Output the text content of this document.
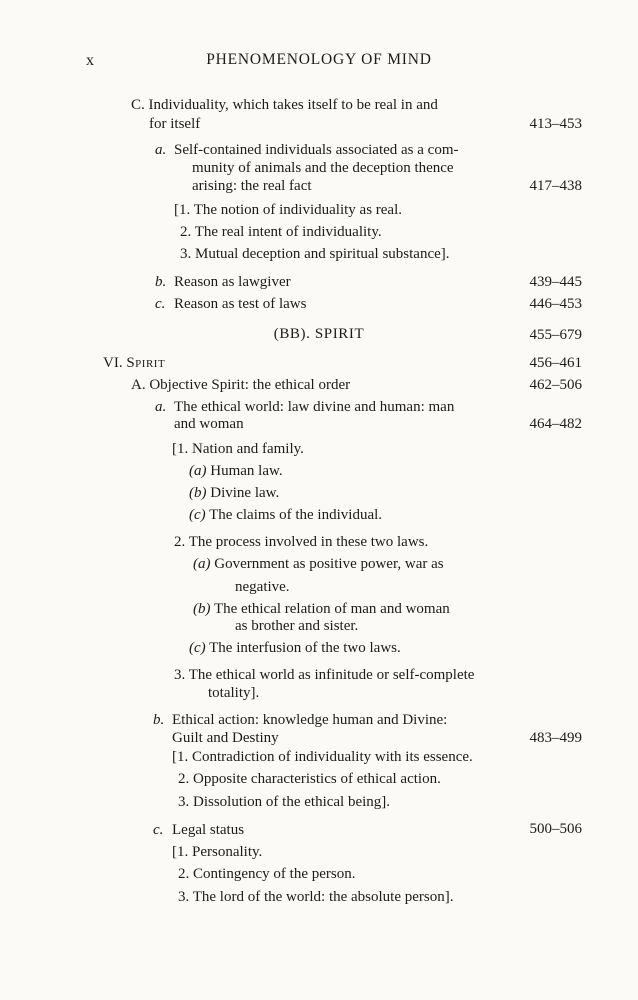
x	PHENOMENOLOGY OF MIND
C. Individuality, which takes itself to be real in and
for itself	413–453
a. Self-contained individuals associated as a com-
munity of animals and the deception thence
arising: the real fact	417–438
[1. The notion of individuality as real.
2. The real intent of individuality.
3. Mutual deception and spiritual substance].
b. Reason as lawgiver	439–445
c. Reason as test of laws	446–453
(BB). SPIRIT	455–679
VI. Spirit	456–461
A. Objective Spirit: the ethical order	462–506
a. The ethical world: law divine and human: man
and woman	464–482
[1. Nation and family.
(a) Human law.
(b) Divine law.
(c) The claims of the individual.
2. The process involved in these two laws.
(a) Government as positive power, war as
negative.
(b) The ethical relation of man and woman
as brother and sister.
(c) The interfusion of the two laws.
3. The ethical world as infinitude or self-complete
totality].
b. Ethical action: knowledge human and Divine:
Guilt and Destiny	483–499
[1. Contradiction of individuality with its essence.
2. Opposite characteristics of ethical action.
3. Dissolution of the ethical being].
c. Legal status	500–506
[1. Personality.
2. Contingency of the person.
3. The lord of the world: the absolute person].
